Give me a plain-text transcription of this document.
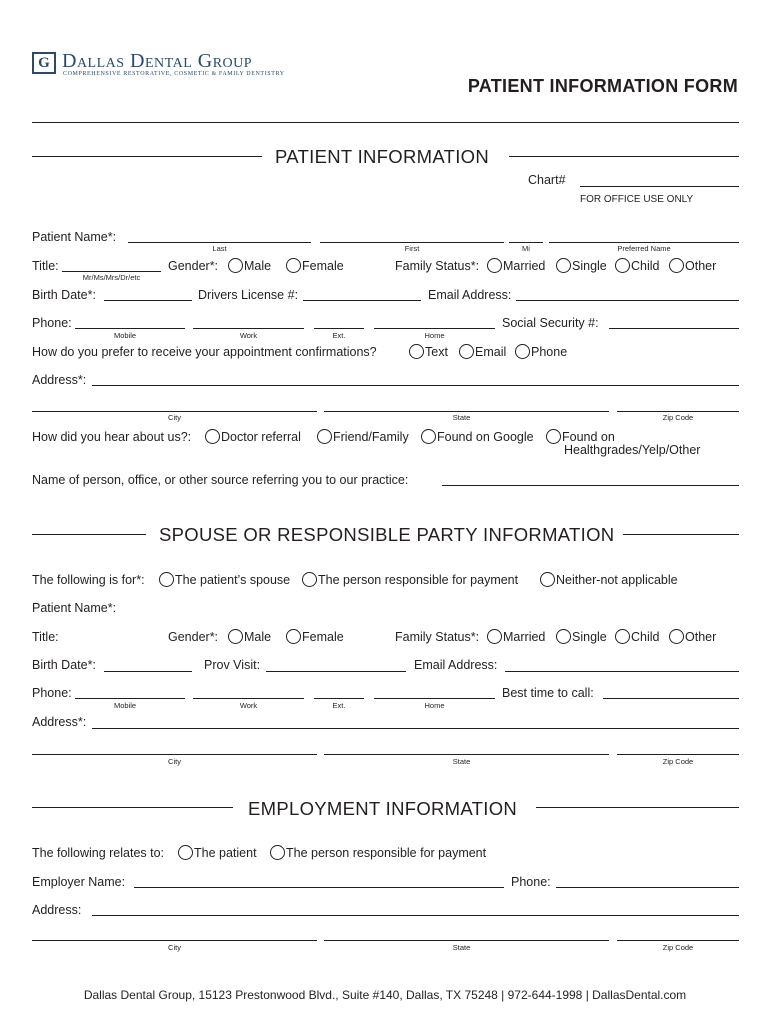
G Dallas Dental Group
COMPREHENSIVE RESTORATIVE, COSMETIC & FAMILY DENTISTRY
PATIENT INFORMATION FORM
PATIENT INFORMATION
Chart#
FOR OFFICE USE ONLY
Patient Name*:
Last	First	Mi	Preferred Name
Title:
Mr/Ms/Mrs/Dr/etc
Gender*:	Male	Female	Family Status*:	Married	Single	Child	Other
Birth Date*:	Drivers License #:	Email Address:
Phone:
Mobile	Work	Ext.	Home
Social Security #:
How do you prefer to receive your appointment confirmations?	Text	Email	Phone
Address*:
City	State	Zip Code
How did you hear about us?:	Doctor referral	Friend/Family	Found on Google	Found on
Healthgrades/Yelp/Other
Name of person, office, or other source referring you to our practice:
SPOUSE OR RESPONSIBLE PARTY INFORMATION
The following is for*:	The patient’s spouse	The person responsible for payment	Neither-not applicable
Patient Name*:
Title:	Gender*:	Male	Female	Family Status*:	Married	Single	Child	Other
Birth Date*:	Prov Visit:	Email Address:
Phone:
Mobile	Work	Ext.	Home
Best time to call:
Address*:
City	State	Zip Code
EMPLOYMENT INFORMATION
The following relates to:	The patient	The person responsible for payment
Employer Name:	Phone:
Address:
City	State	Zip Code
Dallas Dental Group, 15123 Prestonwood Blvd., Suite #140, Dallas, TX 75248 | 972-644-1998 | DallasDental.com
